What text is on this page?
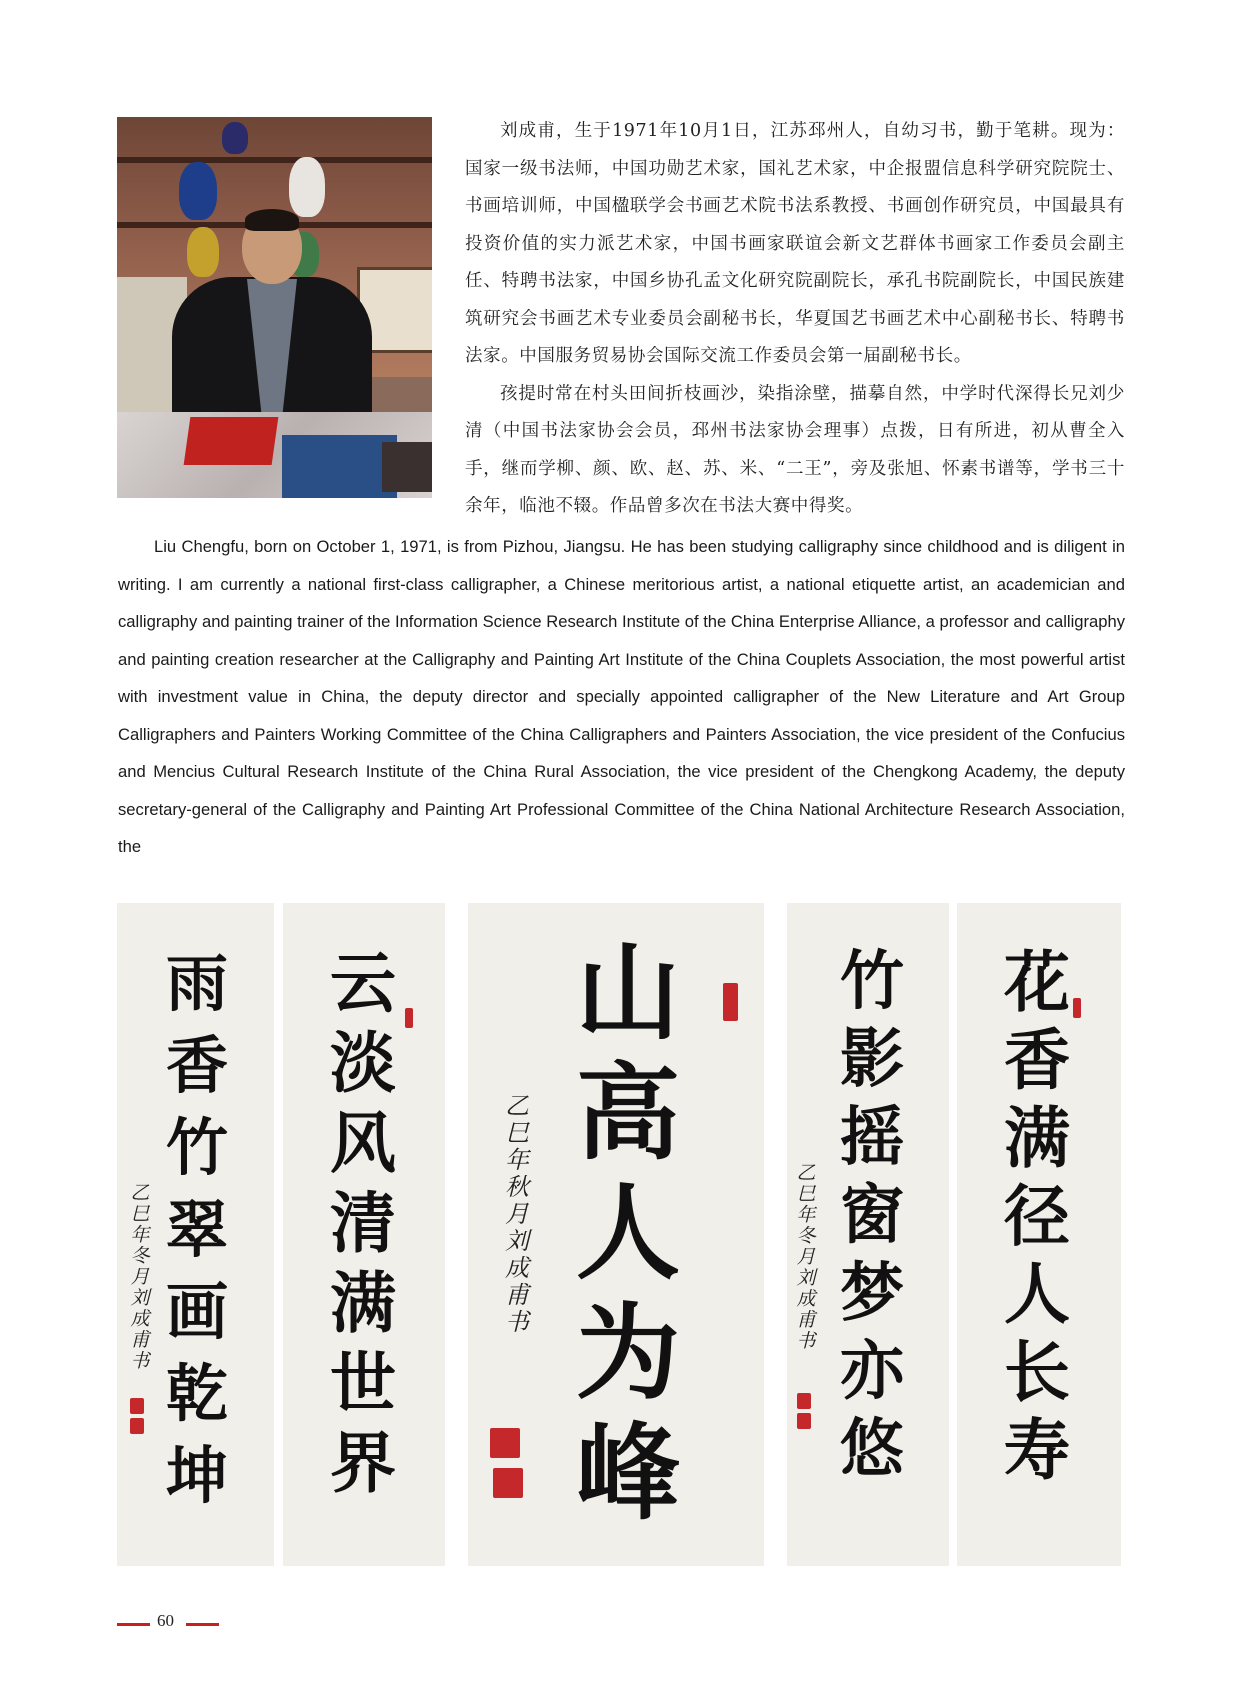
刘成甫，生于1971年10月1日，江苏邳州人，自幼习书，勤于笔耕。现为：国家一级书法师，中国功勋艺术家，国礼艺术家，中企报盟信息科学研究院院士、书画培训师，中国楹联学会书画艺术院书法系教授、书画创作研究员，中国最具有投资价值的实力派艺术家，中国书画家联谊会新文艺群体书画家工作委员会副主任、特聘书法家，中国乡协孔孟文化研究院副院长，承孔书院副院长，中国民族建筑研究会书画艺术专业委员会副秘书长，华夏国艺书画艺术中心副秘书长、特聘书法家。中国服务贸易协会国际交流工作委员会第一届副秘书长。

孩提时常在村头田间折枝画沙，染指涂壁，描摹自然，中学时代深得长兄刘少清（中国书法家协会会员，邳州书法家协会理事）点拨，日有所进，初从曹全入手，继而学柳、颜、欧、赵、苏、米、“二王”，旁及张旭、怀素书谱等，学书三十余年，临池不辍。作品曾多次在书法大赛中得奖。

Liu Chengfu, born on October 1, 1971, is from Pizhou, Jiangsu. He has been studying calligraphy since childhood and is diligent in writing. I am currently a national first-class calligrapher, a Chinese meritorious artist, a national etiquette artist, an academician and calligraphy and painting trainer of the Information Science Research Institute of the China Enterprise Alliance, a professor and calligraphy and painting creation researcher at the Calligraphy and Painting Art Institute of the China Couplets Association, the most powerful artist with investment value in China, the deputy director and specially appointed calligrapher of the New Literature and Art Group Calligraphers and Painters Working Committee of the China Calligraphers and Painters Association, the vice president of the Confucius and Mencius Cultural Research Institute of the China Rural Association, the vice president of the Chengkong Academy, the deputy secretary-general of the Calligraphy and Painting Art Professional Committee of the China National Architecture Research Association, the

雨香竹翠画乾坤
乙巳年冬月刘成甫书
云淡风清满世界
山高人为峰
乙巳年秋月刘成甫书
竹影摇窗梦亦悠
乙巳年冬月刘成甫书
花香满径人长寿
60
